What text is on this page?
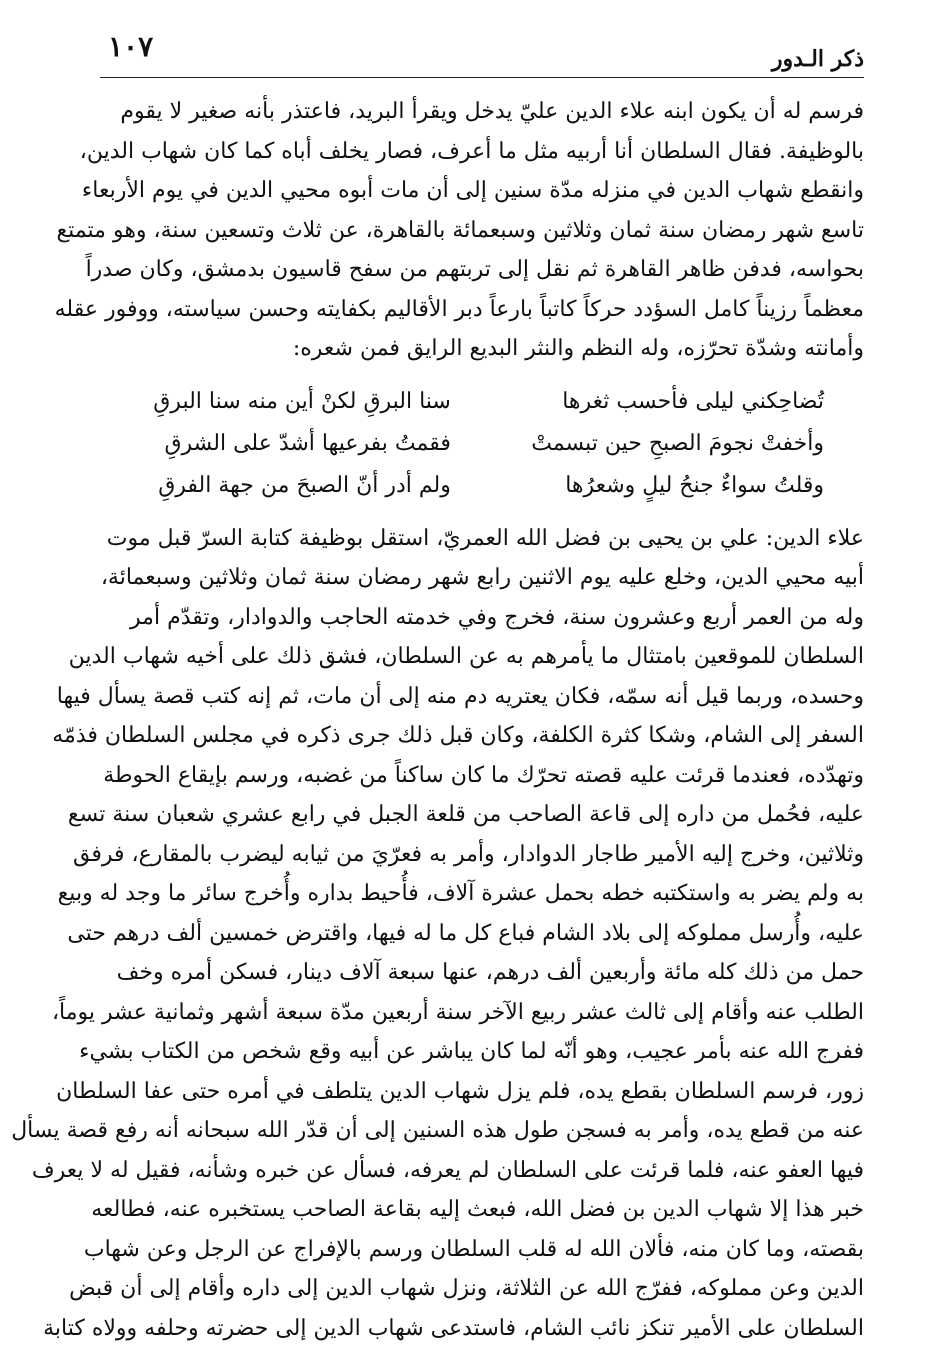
ذكر الـدور
١٠٧
فرسم له أن يكون ابنه علاء الدين عليّ يدخل ويقرأ البريد، فاعتذر بأنه صغير لا يقوم
بالوظيفة. فقال السلطان أنا أربيه مثل ما أعرف، فصار يخلف أباه كما كان شهاب الدين،
وانقطع شهاب الدين في منزله مدّة سنين إلى أن مات أبوه محيي الدين في يوم الأربعاء
تاسع شهر رمضان سنة ثمان وثلاثين وسبعمائة بالقاهرة، عن ثلاث وتسعين سنة، وهو متمتع
بحواسه، فدفن ظاهر القاهرة ثم نقل إلى تربتهم من سفح قاسيون بدمشق، وكان صدراً
معظماً رزيناً كامل السؤدد حركاً كاتباً بارعاً دبر الأقاليم بكفايته وحسن سياسته، ووفور عقله
وأمانته وشدّة تحرّزه، وله النظم والنثر البديع الرايق فمن شعره:
تُضاحِكني ليلى فأحسب ثغرها
سنا البرقِ لكنْ أين منه سنا البرقِ
وأخفتْ نجومَ الصبحِ حين تبسمتْ
فقمتُ بفرعيها أشدّ على الشرقِ
وقلتُ سواءٌ جنحُ ليلٍ وشعرُها
ولم أدر أنّ الصبحَ من جهة الفرقِ
علاء الدين: علي بن يحيى بن فضل الله العمريّ، استقل بوظيفة كتابة السرّ قبل موت
أبيه محيي الدين، وخلع عليه يوم الاثنين رابع شهر رمضان سنة ثمان وثلاثين وسبعمائة،
وله من العمر أربع وعشرون سنة، فخرج وفي خدمته الحاجب والدوادار، وتقدّم أمر
السلطان للموقعين بامتثال ما يأمرهم به عن السلطان، فشق ذلك على أخيه شهاب الدين
وحسده، وربما قيل أنه سمّه، فكان يعتريه دم منه إلى أن مات، ثم إنه كتب قصة يسأل فيها
السفر إلى الشام، وشكا كثرة الكلفة، وكان قبل ذلك جرى ذكره في مجلس السلطان فذمّه
وتهدّده، فعندما قرئت عليه قصته تحرّك ما كان ساكناً من غضبه، ورسم بإيقاع الحوطة
عليه، فحُمل من داره إلى قاعة الصاحب من قلعة الجبل في رابع عشري شعبان سنة تسع
وثلاثين، وخرج إليه الأمير طاجار الدوادار، وأمر به فعرّيَ من ثيابه ليضرب بالمقارع، فرفق
به ولم يضر به واستكتبه خطه بحمل عشرة آلاف، فأُحيط بداره وأُخرج سائر ما وجد له وبيع
عليه، وأُرسل مملوكه إلى بلاد الشام فباع كل ما له فيها، واقترض خمسين ألف درهم حتى
حمل من ذلك كله مائة وأربعين ألف درهم، عنها سبعة آلاف دينار، فسكن أمره وخف
الطلب عنه وأقام إلى ثالث عشر ربيع الآخر سنة أربعين مدّة سبعة أشهر وثمانية عشر يوماً،
ففرج الله عنه بأمر عجيب، وهو أنّه لما كان يباشر عن أبيه وقع شخص من الكتاب بشيء
زور، فرسم السلطان بقطع يده، فلم يزل شهاب الدين يتلطف في أمره حتى عفا السلطان
عنه من قطع يده، وأمر به فسجن طول هذه السنين إلى أن قدّر الله سبحانه أنه رفع قصة يسأل
فيها العفو عنه، فلما قرئت على السلطان لم يعرفه، فسأل عن خبره وشأنه، فقيل له لا يعرف
خبر هذا إلا شهاب الدين بن فضل الله، فبعث إليه بقاعة الصاحب يستخبره عنه، فطالعه
بقصته، وما كان منه، فألان الله له قلب السلطان ورسم بالإفراج عن الرجل وعن شهاب
الدين وعن مملوكه، ففرّج الله عن الثلاثة، ونزل شهاب الدين إلى داره وأقام إلى أن قبض
السلطان على الأمير تنكز نائب الشام، فاستدعى شهاب الدين إلى حضرته وحلفه وولاه كتابة
